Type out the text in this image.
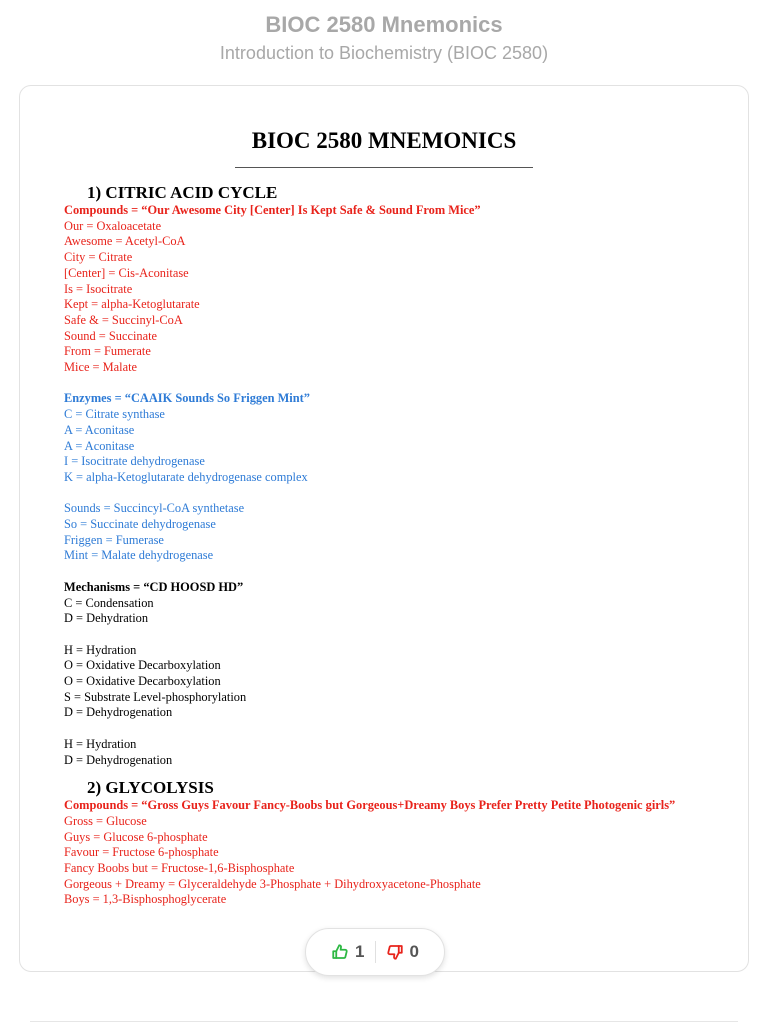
BIOC 2580 Mnemonics
Introduction to Biochemistry (BIOC 2580)
BIOC 2580 MNEMONICS
1) CITRIC ACID CYCLE
Compounds = “Our Awesome City [Center] Is Kept Safe & Sound From Mice”
Our = Oxaloacetate
Awesome = Acetyl-CoA
City = Citrate
[Center] = Cis-Aconitase
Is = Isocitrate
Kept = alpha-Ketoglutarate
Safe & = Succinyl-CoA
Sound = Succinate
From = Fumerate
Mice = Malate
Enzymes = “CAAIK Sounds So Friggen Mint”
C = Citrate synthase
A = Aconitase
A = Aconitase
I = Isocitrate dehydrogenase
K = alpha-Ketoglutarate dehydrogenase complex
Sounds = Succincyl-CoA synthetase
So = Succinate dehydrogenase
Friggen = Fumerase
Mint = Malate dehydrogenase
Mechanisms = “CD HOOSD HD”
C = Condensation
D = Dehydration
H = Hydration
O = Oxidative Decarboxylation
O = Oxidative Decarboxylation
S = Substrate Level-phosphorylation
D = Dehydrogenation
H = Hydration
D = Dehydrogenation
2) GLYCOLYSIS
Compounds = “Gross Guys Favour Fancy-Boobs but Gorgeous+Dreamy Boys Prefer Pretty Petite Photogenic girls”
Gross = Glucose
Guys = Glucose 6-phosphate
Favour = Fructose 6-phosphate
Fancy Boobs but = Fructose-1,6-Bisphosphate
Gorgeous + Dreamy = Glyceraldehyde 3-Phosphate + Dihydroxyacetone-Phosphate
Boys = 1,3-Bisphosphoglycerate
1	0
